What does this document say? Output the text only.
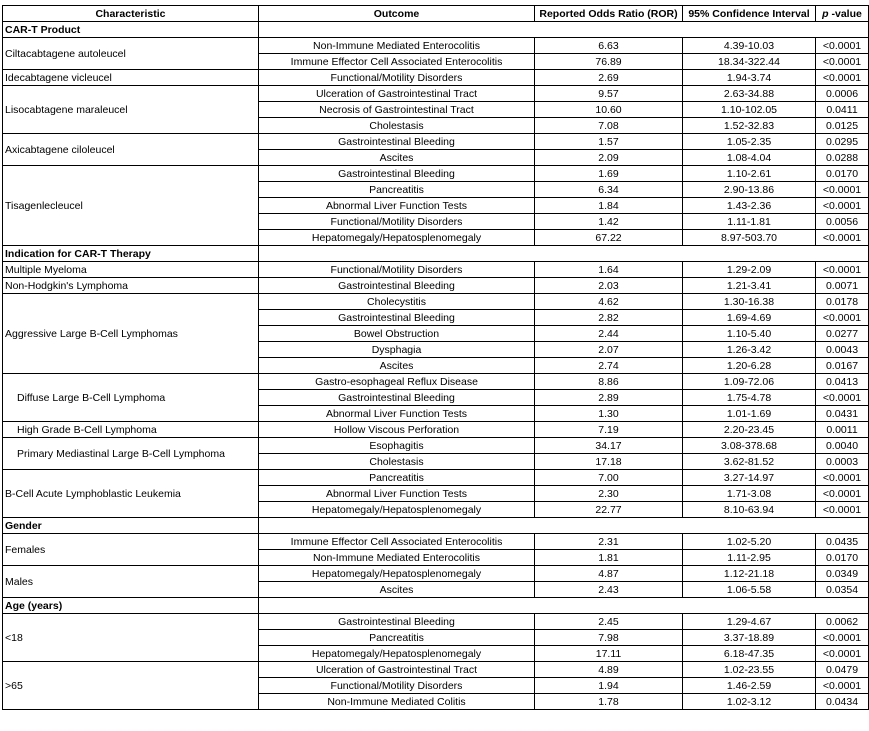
Characteristic	Outcome	Reported Odds Ratio (ROR)	95% Confidence Interval	p -value
CAR-T Product				
Ciltacabtagene autoleucel	Non-Immune Mediated Enterocolitis	6.63	4.39-10.03	<0.0001
	Immune Effector Cell Associated Enterocolitis	76.89	18.34-322.44	<0.0001
Idecabtagene vicleucel	Functional/Motility Disorders	2.69	1.94-3.74	<0.0001
Lisocabtagene maraleucel	Ulceration of Gastrointestinal Tract	9.57	2.63-34.88	0.0006
	Necrosis of Gastrointestinal Tract	10.60	1.10-102.05	0.0411
	Cholestasis	7.08	1.52-32.83	0.0125
Axicabtagene ciloleucel	Gastrointestinal Bleeding	1.57	1.05-2.35	0.0295
	Ascites	2.09	1.08-4.04	0.0288
Tisagenlecleucel	Gastrointestinal Bleeding	1.69	1.10-2.61	0.0170
	Pancreatitis	6.34	2.90-13.86	<0.0001
	Abnormal Liver Function Tests	1.84	1.43-2.36	<0.0001
	Functional/Motility Disorders	1.42	1.11-1.81	0.0056
	Hepatomegaly/Hepatosplenomegaly	67.22	8.97-503.70	<0.0001
Indication for CAR-T Therapy				
Multiple Myeloma	Functional/Motility Disorders	1.64	1.29-2.09	<0.0001
Non-Hodgkin's Lymphoma	Gastrointestinal Bleeding	2.03	1.21-3.41	0.0071
Aggressive Large B-Cell Lymphomas	Cholecystitis	4.62	1.30-16.38	0.0178
	Gastrointestinal Bleeding	2.82	1.69-4.69	<0.0001
	Bowel Obstruction	2.44	1.10-5.40	0.0277
	Dysphagia	2.07	1.26-3.42	0.0043
	Ascites	2.74	1.20-6.28	0.0167
Diffuse Large B-Cell Lymphoma	Gastro-esophageal Reflux Disease	8.86	1.09-72.06	0.0413
	Gastrointestinal Bleeding	2.89	1.75-4.78	<0.0001
	Abnormal Liver Function Tests	1.30	1.01-1.69	0.0431
High Grade B-Cell Lymphoma	Hollow Viscous Perforation	7.19	2.20-23.45	0.0011
Primary Mediastinal Large B-Cell Lymphoma	Esophagitis	34.17	3.08-378.68	0.0040
	Cholestasis	17.18	3.62-81.52	0.0003
B-Cell Acute Lymphoblastic Leukemia	Pancreatitis	7.00	3.27-14.97	<0.0001
	Abnormal Liver Function Tests	2.30	1.71-3.08	<0.0001
	Hepatomegaly/Hepatosplenomegaly	22.77	8.10-63.94	<0.0001
Gender				
Females	Immune Effector Cell Associated Enterocolitis	2.31	1.02-5.20	0.0435
	Non-Immune Mediated Enterocolitis	1.81	1.11-2.95	0.0170
Males	Hepatomegaly/Hepatosplenomegaly	4.87	1.12-21.18	0.0349
	Ascites	2.43	1.06-5.58	0.0354
Age (years)				
<18	Gastrointestinal Bleeding	2.45	1.29-4.67	0.0062
	Pancreatitis	7.98	3.37-18.89	<0.0001
	Hepatomegaly/Hepatosplenomegaly	17.11	6.18-47.35	<0.0001
>65	Ulceration of Gastrointestinal Tract	4.89	1.02-23.55	0.0479
	Functional/Motility Disorders	1.94	1.46-2.59	<0.0001
	Non-Immune Mediated Colitis	1.78	1.02-3.12	0.0434
